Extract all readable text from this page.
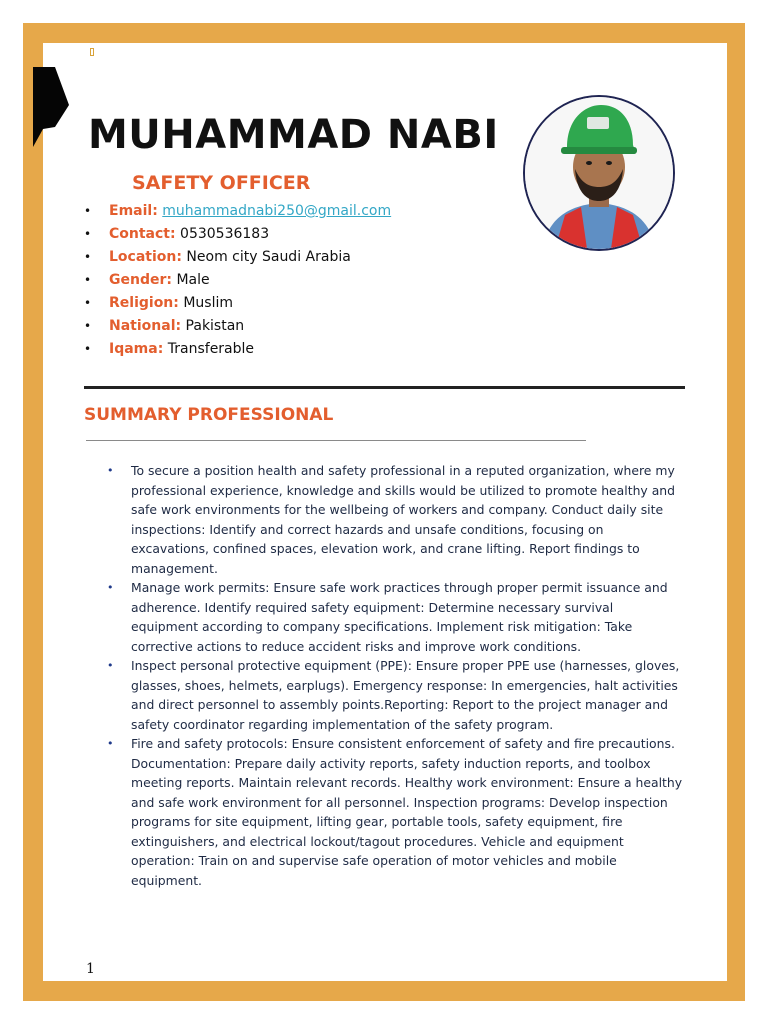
MUHAMMAD NABI
SAFETY OFFICER
• Email: muhammadnabi250@gmail.com
• Contact: 0530536183
• Location: Neom city Saudi Arabia
• Gender: Male
• Religion: Muslim
• National: Pakistan
• Iqama: Transferable
SUMMARY PROFESSIONAL
• To secure a position health and safety professional in a reputed organization, where my professional experience, knowledge and skills would be utilized to promote healthy and safe work environments for the wellbeing of workers and company. Conduct daily site inspections: Identify and correct hazards and unsafe conditions, focusing on excavations, confined spaces, elevation work, and crane lifting. Report findings to management.
• Manage work permits: Ensure safe work practices through proper permit issuance and adherence. Identify required safety equipment: Determine necessary survival equipment according to company specifications. Implement risk mitigation: Take corrective actions to reduce accident risks and improve work conditions.
• Inspect personal protective equipment (PPE): Ensure proper PPE use (harnesses, gloves, glasses, shoes, helmets, earplugs). Emergency response: In emergencies, halt activities and direct personnel to assembly points.Reporting: Report to the project manager and safety coordinator regarding implementation of the safety program.
• Fire and safety protocols: Ensure consistent enforcement of safety and fire precautions. Documentation: Prepare daily activity reports, safety induction reports, and toolbox meeting reports. Maintain relevant records. Healthy work environment: Ensure a healthy and safe work environment for all personnel. Inspection programs: Develop inspection programs for site equipment, lifting gear, portable tools, safety equipment, fire extinguishers, and electrical lockout/tagout procedures. Vehicle and equipment operation: Train on and supervise safe operation of motor vehicles and mobile equipment.
1
